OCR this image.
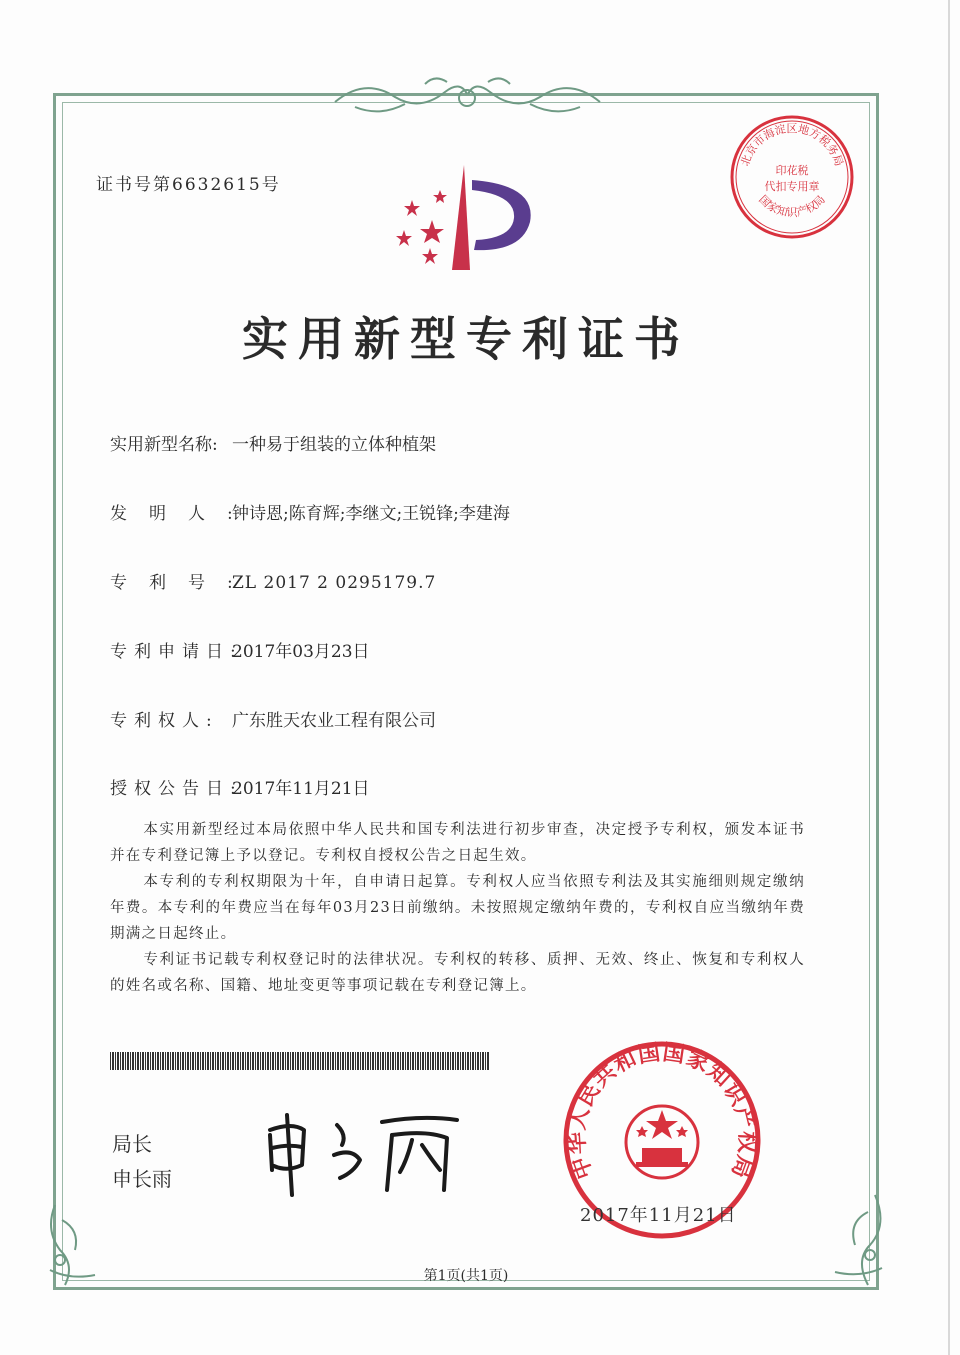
证书号第6632615号
北京市海淀区地方税务局
印花税
代扣专用章
国家知识产权局
实用新型专利证书
实用新型名称: 一种易于组装的立体种植架
发明人:钟诗恩;陈育辉;李继文;王锐锋;李建海
专利号:ZL 2017 2 0295179.7
专利申请日:2017年03月23日
专利权人: 广东胜天农业工程有限公司
授权公告日:2017年11月21日

本实用新型经过本局依照中华人民共和国专利法进行初步审查，决定授予专利权，颁发本证书并在专利登记簿上予以登记。专利权自授权公告之日起生效。

本专利的专利权期限为十年，自申请日起算。专利权人应当依照专利法及其实施细则规定缴纳年费。本专利的年费应当在每年03月23日前缴纳。未按照规定缴纳年费的，专利权自应当缴纳年费期满之日起终止。

专利证书记载专利权登记时的法律状况。专利权的转移、质押、无效、终止、恢复和专利权人的姓名或名称、国籍、地址变更等事项记载在专利登记簿上。

局长
申长雨	中华人民共和国国家知识产权局
2017年11月21日
第1页(共1页)
